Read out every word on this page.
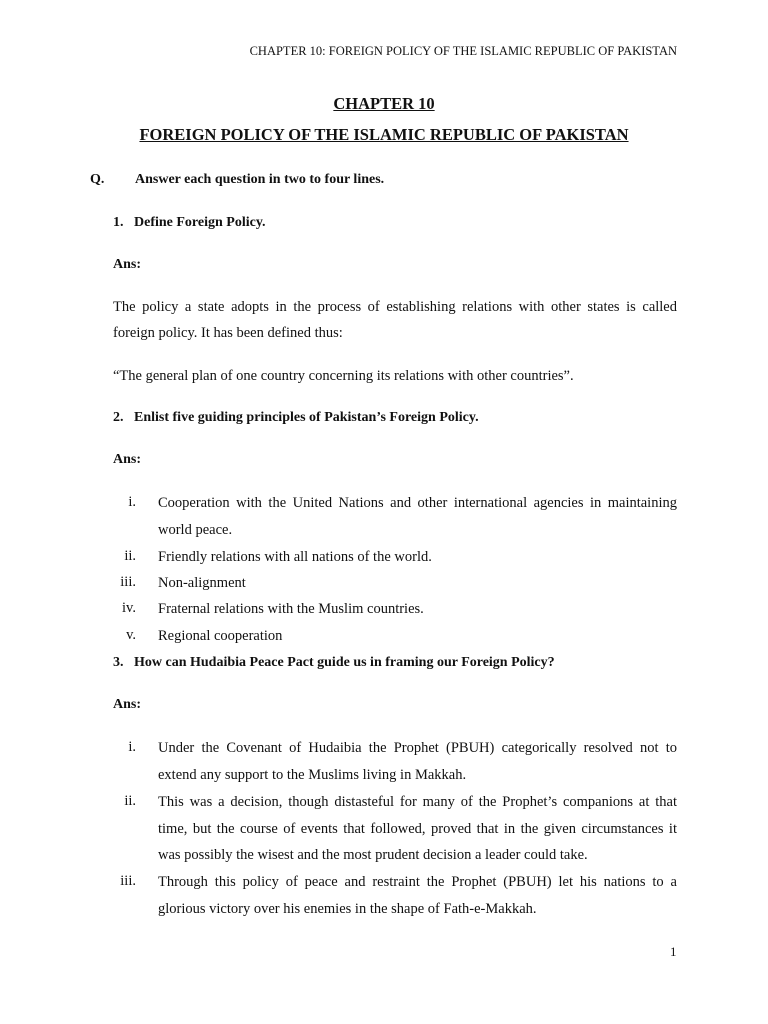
CHAPTER 10: FOREIGN POLICY OF THE ISLAMIC REPUBLIC OF PAKISTAN
CHAPTER 10
FOREIGN POLICY OF THE ISLAMIC REPUBLIC OF PAKISTAN
Q. Answer each question in two to four lines.
1.   Define Foreign Policy.
Ans:
The policy a state adopts in the process of establishing relations with other states is called foreign policy. It has been defined thus:
“The general plan of one country concerning its relations with other countries”.
2.   Enlist five guiding principles of Pakistan’s Foreign Policy.
Ans:
i. Cooperation with the United Nations and other international agencies in maintaining world peace.
ii. Friendly relations with all nations of the world.
iii. Non-alignment
iv. Fraternal relations with the Muslim countries.
v. Regional cooperation
3.   How can Hudaibia Peace Pact guide us in framing our Foreign Policy?
Ans:
i. Under the Covenant of Hudaibia the Prophet (PBUH) categorically resolved not to extend any support to the Muslims living in Makkah.
ii. This was a decision, though distasteful for many of the Prophet’s companions at that time, but the course of events that followed, proved that in the given circumstances it was possibly the wisest and the most prudent decision a leader could take.
iii. Through this policy of peace and restraint the Prophet (PBUH) let his nations to a glorious victory over his enemies in the shape of Fath-e-Makkah.
1
